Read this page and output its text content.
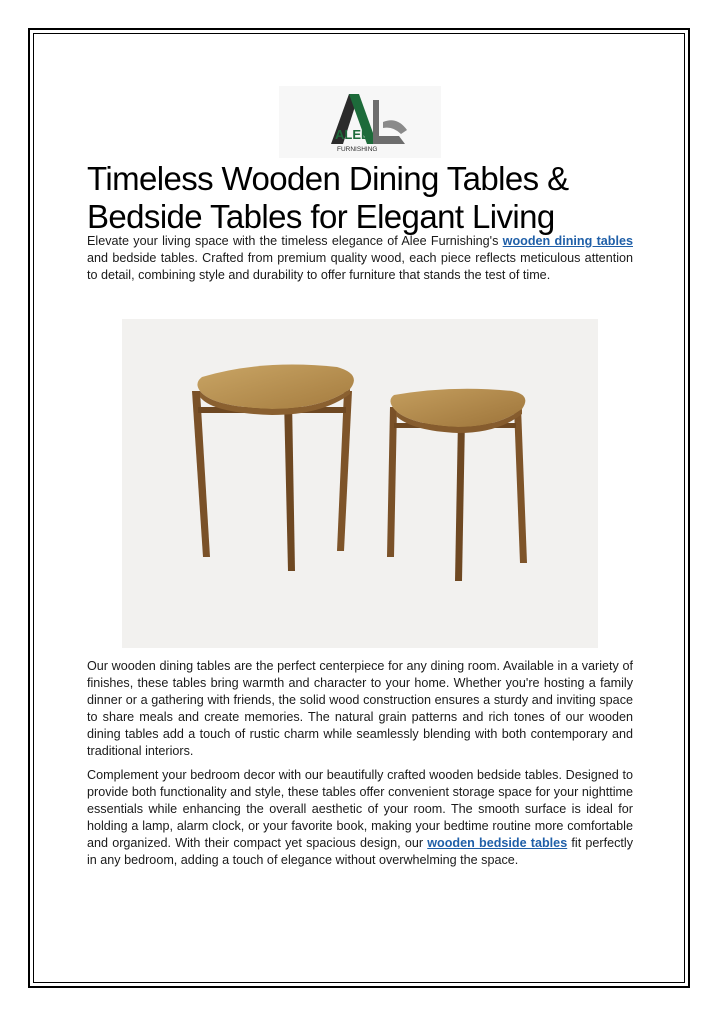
ALEE
FURNISHING
Timeless Wooden Dining Tables &
Bedside Tables for Elegant Living

Elevate your living space with the timeless elegance of Alee Furnishing's wooden dining tables and bedside tables. Crafted from premium quality wood, each piece reflects meticulous attention to detail, combining style and durability to offer furniture that stands the test of time.

Our wooden dining tables are the perfect centerpiece for any dining room. Available in a variety of finishes, these tables bring warmth and character to your home. Whether you're hosting a family dinner or a gathering with friends, the solid wood construction ensures a sturdy and inviting space to share meals and create memories. The natural grain patterns and rich tones of our wooden dining tables add a touch of rustic charm while seamlessly blending with both contemporary and traditional interiors.

Complement your bedroom decor with our beautifully crafted wooden bedside tables. Designed to provide both functionality and style, these tables offer convenient storage space for your nighttime essentials while enhancing the overall aesthetic of your room. The smooth surface is ideal for holding a lamp, alarm clock, or your favorite book, making your bedtime routine more comfortable and organized. With their compact yet spacious design, our wooden bedside tables fit perfectly in any bedroom, adding a touch of elegance without overwhelming the space.
